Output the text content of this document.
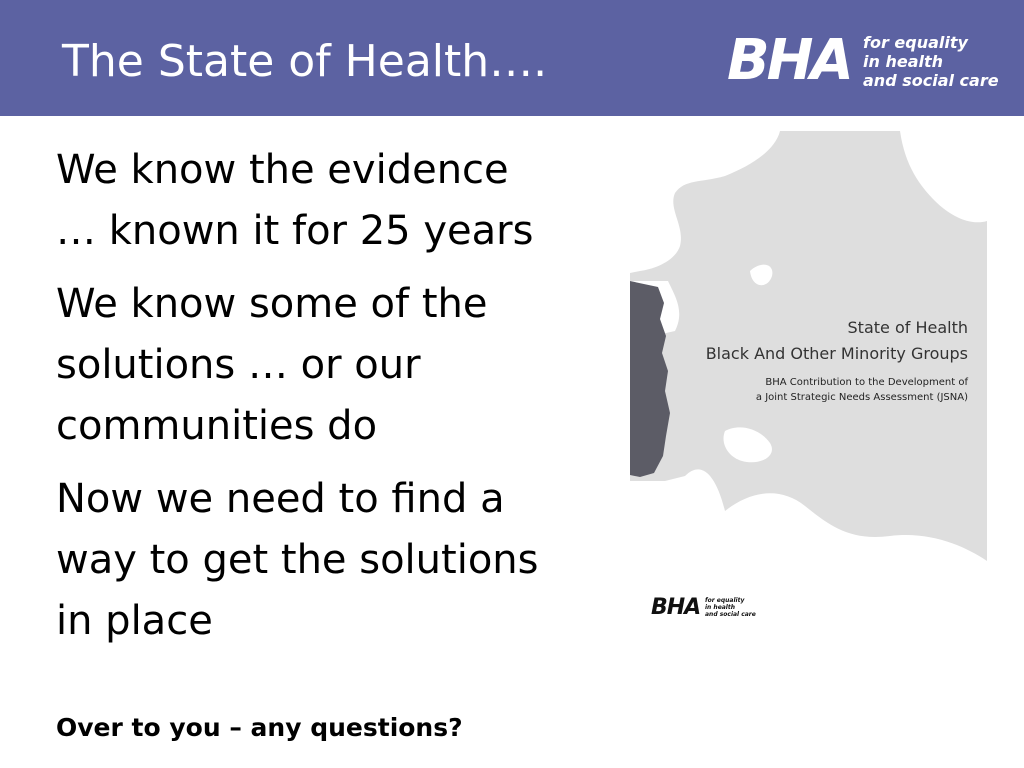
The State of Health….	BHA for equality
in health
and social care
We know the evidence
… known it for 25 years
We know some of the
solutions … or our
communities do
Now we need to find a
way to get the solutions
in place
Over to you – any questions?
State of Health
Black And Other Minority Groups
BHA Contribution to the Development of
a Joint Strategic Needs Assessment (JSNA)
BHA for equality
in health
and social care
